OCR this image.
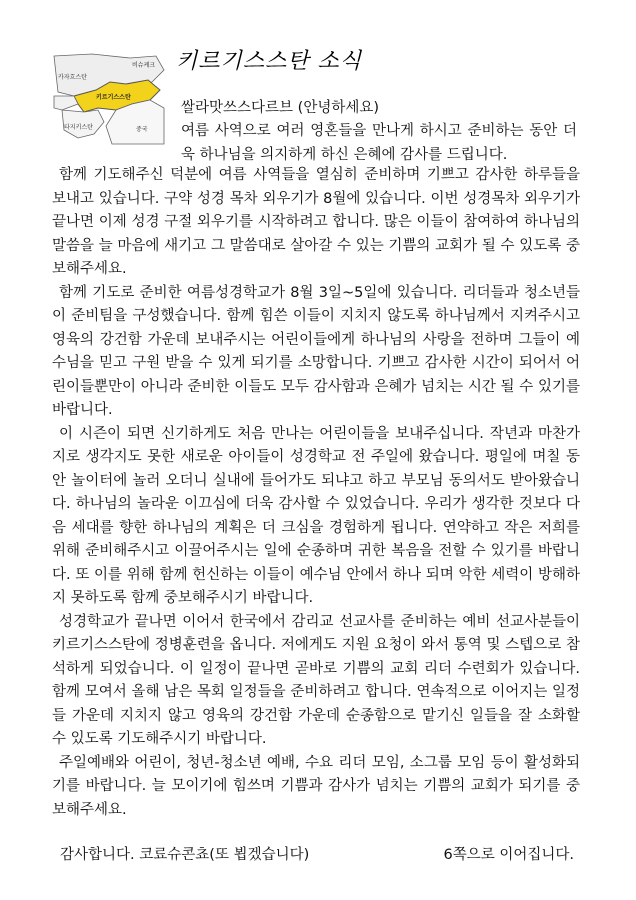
카자흐스탄
비슈케크
키르기스스탄
타지키스탄	중국
키르기스스탄 소식
쌀라맛쓰스다르브 (안녕하세요)
여름 사역으로 여러 영혼들을 만나게 하시고 준비하는 동안 더욱 하나님을 의지하게 하신 은혜에 감사를 드립니다.

함께 기도해주신 덕분에 여름 사역들을 열심히 준비하며 기쁘고 감사한 하루들을 보내고 있습니다. 구약 성경 목차 외우기가 8월에 있습니다. 이번 성경목차 외우기가 끝나면 이제 성경 구절 외우기를 시작하려고 합니다. 많은 이들이 참여하여 하나님의 말씀을 늘 마음에 새기고 그 말씀대로 살아갈 수 있는 기쁨의 교회가 될 수 있도록 중보해주세요.

함께 기도로 준비한 여름성경학교가 8월 3일~5일에 있습니다. 리더들과 청소년들이 준비팀을 구성했습니다. 함께 힘쓴 이들이 지치지 않도록 하나님께서 지켜주시고 영육의 강건함 가운데 보내주시는 어린이들에게 하나님의 사랑을 전하며 그들이 예수님을 믿고 구원 받을 수 있게 되기를 소망합니다. 기쁘고 감사한 시간이 되어서 어린이들뿐만이 아니라 준비한 이들도 모두 감사함과 은혜가 넘치는 시간 될 수 있기를 바랍니다.

이 시즌이 되면 신기하게도 처음 만나는 어린이들을 보내주십니다. 작년과 마찬가지로 생각지도 못한 새로운 아이들이 성경학교 전 주일에 왔습니다. 평일에 며칠 동안 놀이터에 놀러 오더니 실내에 들어가도 되냐고 하고 부모님 동의서도 받아왔습니다. 하나님의 놀라운 이끄심에 더욱 감사할 수 있었습니다. 우리가 생각한 것보다 다음 세대를 향한 하나님의 계획은 더 크심을 경험하게 됩니다. 연약하고 작은 저희를 위해 준비해주시고 이끌어주시는 일에 순종하며 귀한 복음을 전할 수 있기를 바랍니다. 또 이를 위해 함께 헌신하는 이들이 예수님 안에서 하나 되며 악한 세력이 방해하지 못하도록 함께 중보해주시기 바랍니다.

성경학교가 끝나면 이어서 한국에서 감리교 선교사를 준비하는 예비 선교사분들이 키르기스스탄에 정병훈련을 옵니다. 저에게도 지원 요청이 와서 통역 및 스텝으로 참석하게 되었습니다. 이 일정이 끝나면 곧바로 기쁨의 교회 리더 수련회가 있습니다. 함께 모여서 올해 남은 목회 일정들을 준비하려고 합니다. 연속적으로 이어지는 일정들 가운데 지치지 않고 영육의 강건함 가운데 순종함으로 맡기신 일들을 잘 소화할 수 있도록 기도해주시기 바랍니다.

주일예배와 어린이, 청년-청소년 예배, 수요 리더 모임, 소그룹 모임 등이 활성화되기를 바랍니다. 늘 모이기에 힘쓰며 기쁨과 감사가 넘치는 기쁨의 교회가 되기를 중보해주세요.

감사합니다. 코료슈콘쵸(또 뵙겠습니다)	6쪽으로 이어집니다.
